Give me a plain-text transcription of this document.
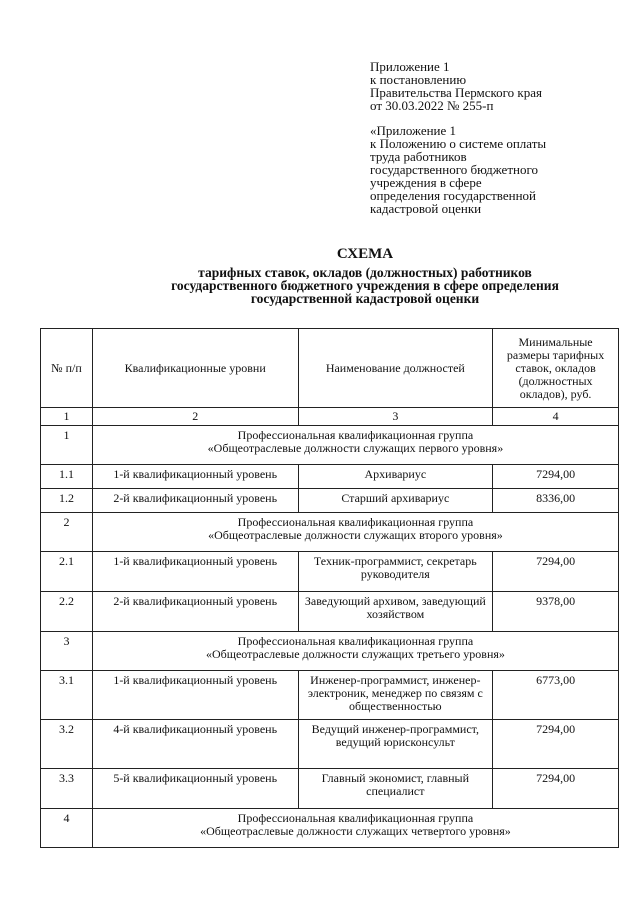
Приложение 1

к постановлению

Правительства Пермского края

от 30.03.2022 № 255-п

«Приложение 1

к Положению о системе оплаты

труда работников

государственного бюджетного

учреждения в сфере

определения государственной

кадастровой оценки

СХЕМА
тарифных ставок, окладов (должностных) работников
государственного бюджетного учреждения в сфере определения
государственной кадастровой оценки
№ п/п	Квалификационные уровни	Наименование должностей	Минимальные размеры тарифных ставок, окладов (должностных окладов), руб.
1	2	3	4
1	Профессиональная квалификационная группа
«Общеотраслевые должности служащих первого уровня»		

1.1	1-й квалификационный уровень	Архивариус	7294,00
1.2	2-й квалификационный уровень	Старший архивариус	8336,00
2	Профессиональная квалификационная группа
«Общеотраслевые должности служащих второго уровня»		

2.1	1-й квалификационный уровень	Техник-программист, секретарь руководителя	7294,00
2.2	2-й квалификационный уровень	Заведующий архивом, заведующий хозяйством	9378,00
3	Профессиональная квалификационная группа
«Общеотраслевые должности служащих третьего уровня»		

3.1	1-й квалификационный уровень	Инженер-программист, инженер-электроник, менеджер по связям с общественностью	6773,00
3.2	4-й квалификационный уровень	Ведущий инженер-программист, ведущий юрисконсульт	7294,00
3.3	5-й квалификационный уровень	Главный экономист, главный специалист	7294,00
4	Профессиональная квалификационная группа
«Общеотраслевые должности служащих четвертого уровня»		
